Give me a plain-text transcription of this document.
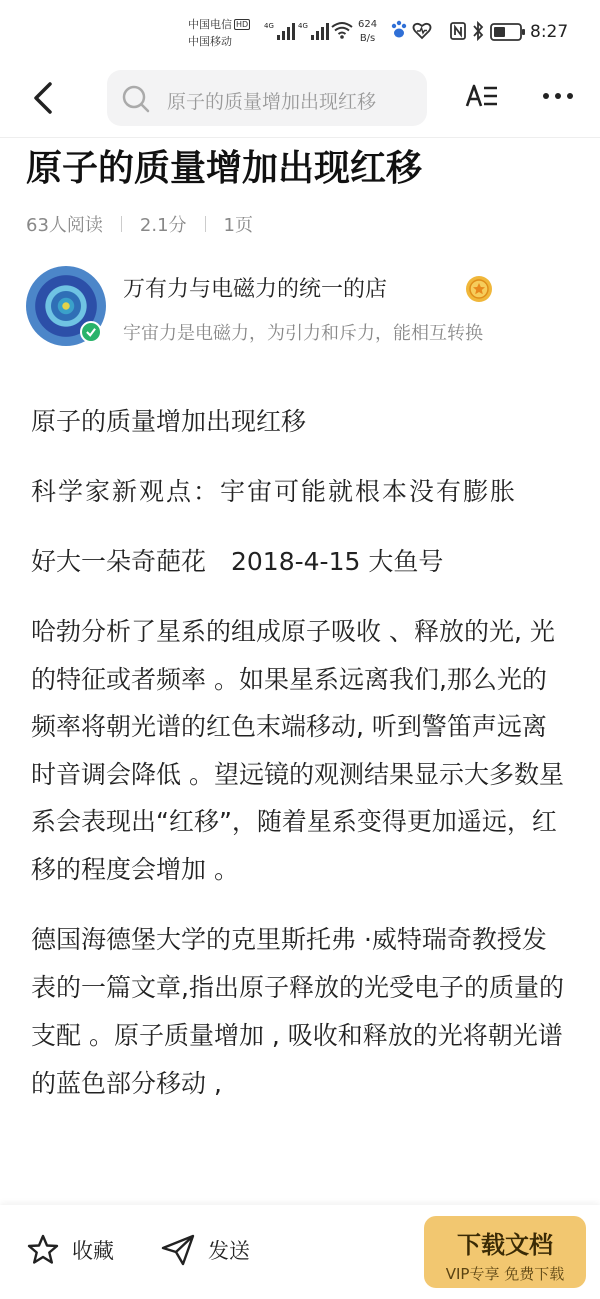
中国电信 HD
中国移动
4G	4G	624
B/s	8:27
原子的质量增加出现红移
原子的质量增加出现红移
63人阅读 2.1分 1页
万有力与电磁力的统一的店
宇宙力是电磁力，为引力和斥力，能相互转换

原子的质量增加出现红移

科学家新观点：宇宙可能就根本没有膨胀

好大一朵奇葩花　2018-4-15 大鱼号

哈勃分析了星系的组成原子吸收 、释放的光, 光的特征或者频率 。如果星系远离我们,那么光的频率将朝光谱的红色末端移动, 听到警笛声远离时音调会降低 。望远镜的观测结果显示大多数星系会表现出“红移”，随着星系变得更加遥远，红移的程度会增加 。

德国海德堡大学的克里斯托弗 ·威特瑞奇教授发表的一篇文章,指出原子释放的光受电子的质量的支配 。原子质量增加 , 吸收和释放的光将朝光谱的蓝色部分移动 ,

收藏	发送	下载文档
VIP专享 免费下载
